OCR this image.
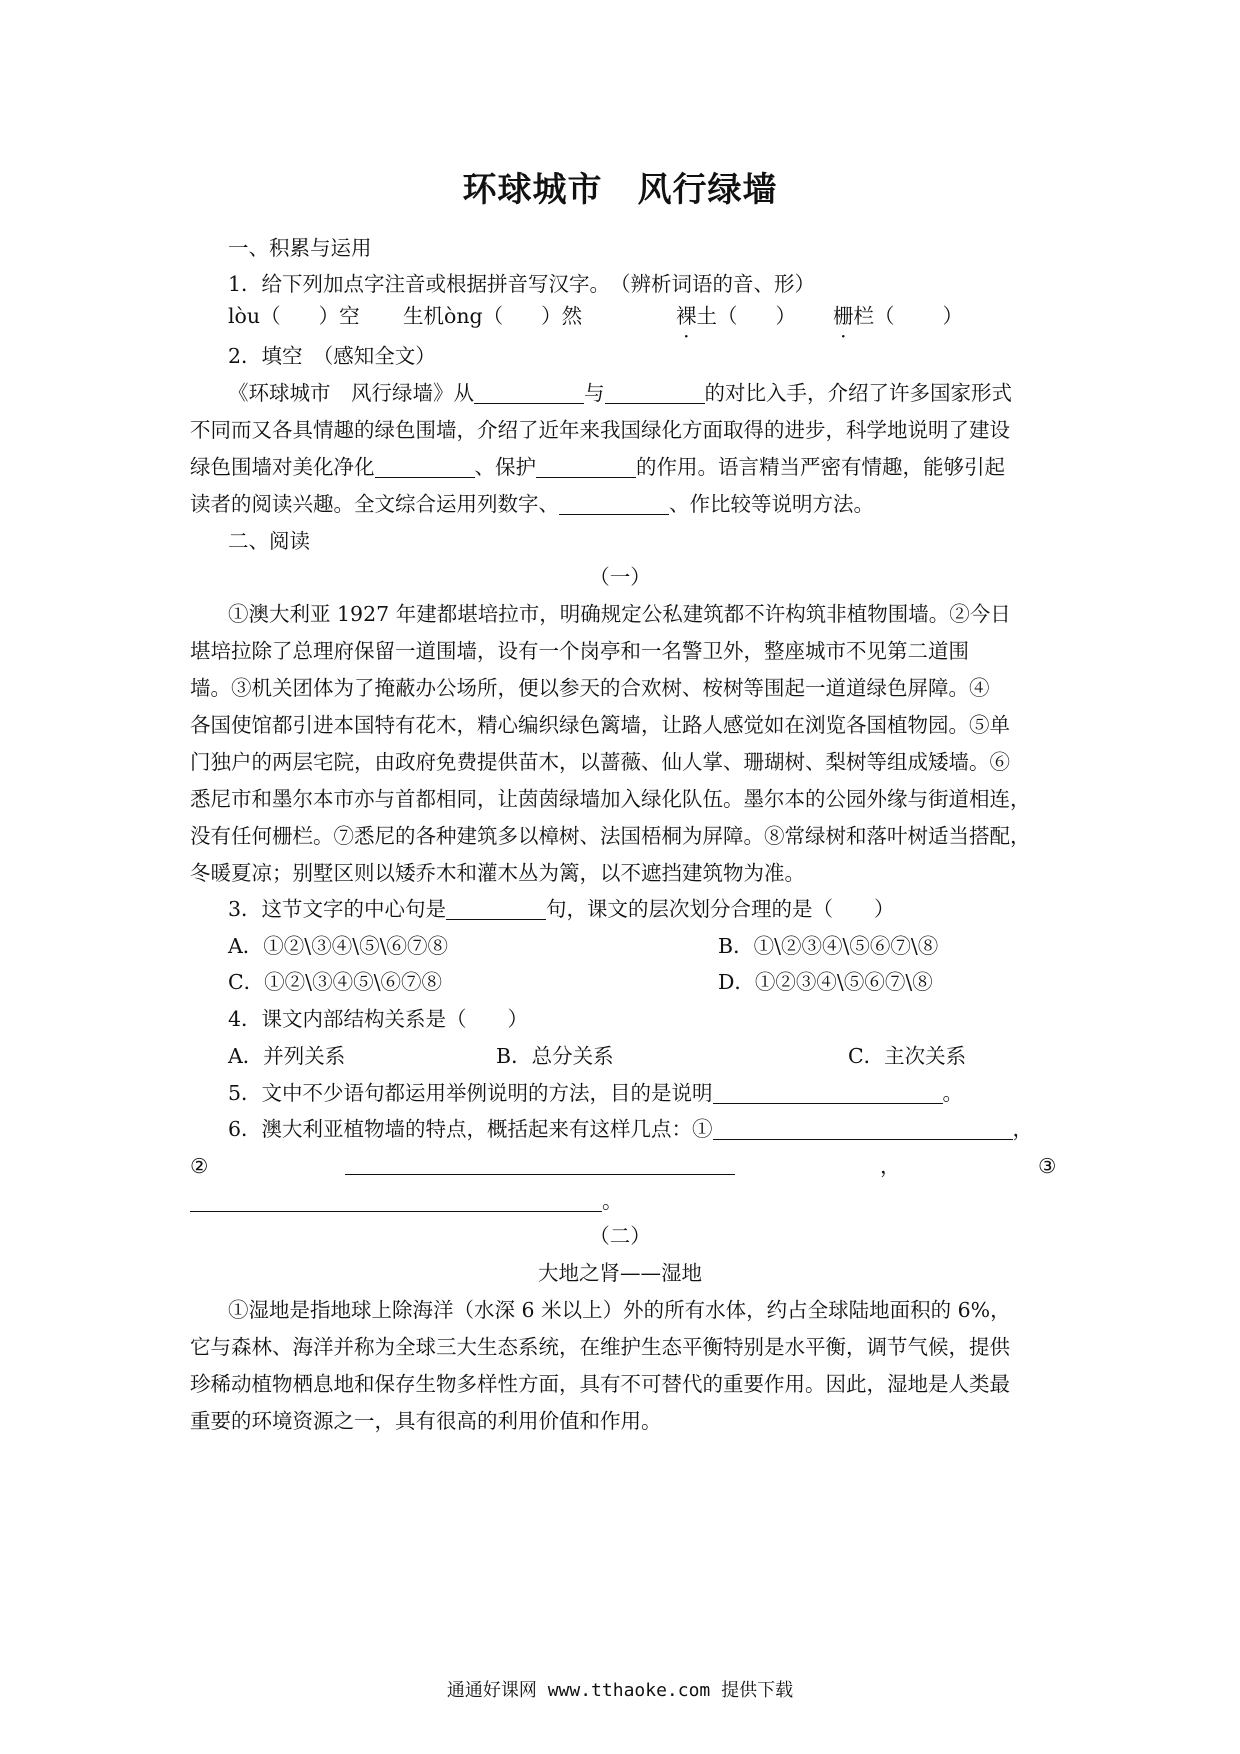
环球城市　风行绿墙
一、积累与运用
1．给下列加点字注音或根据拼音写汉字。　（辨析词语的音、形）
lòu（ ）空 生机òng（ ）然	裸土（ ） 栅栏（ ）
2．填空　（感知全文）
《环球城市　风行绿墙》从	与	的对比入手，介绍了许多国家形式
不同而又各具情趣的绿色围墙，介绍了近年来我国绿化方面取得的进步，科学地说明了建设
绿色围墙对美化净化	、保护	的作用。语言精当严密有情趣，能够引起
读者的阅读兴趣。全文综合运用列数字、	、作比较等说明方法。
二、阅读
（一）
①澳大利亚 1927 年建都堪培拉市，明确规定公私建筑都不许构筑非植物围墙。②今日
堪培拉除了总理府保留一道围墙，设有一个岗亭和一名警卫外，整座城市不见第二道围
墙。③机关团体为了掩蔽办公场所，便以参天的合欢树、桉树等围起一道道绿色屏障。④
各国使馆都引进本国特有花木，精心编织绿色篱墙，让路人感觉如在浏览各国植物园。⑤单
门独户的两层宅院，由政府免费提供苗木，以蔷薇、仙人掌、珊瑚树、梨树等组成矮墙。⑥
悉尼市和墨尔本市亦与首都相同，让茵茵绿墙加入绿化队伍。墨尔本的公园外缘与街道相连，
没有任何栅栏。⑦悉尼的各种建筑多以樟树、法国梧桐为屏障。⑧常绿树和落叶树适当搭配，
冬暖夏凉；别墅区则以矮乔木和灌木丛为篱，以不遮挡建筑物为准。
3．这节文字的中心句是	句，课文的层次划分合理的是（　　）
A．①②\③④\⑤\⑥⑦⑧	B．①\②③④\⑤⑥⑦\⑧
C．①②\③④⑤\⑥⑦⑧	D．①②③④\⑤⑥⑦\⑧
4．课文内部结构关系是（　　）
A．并列关系	B．总分关系	C．主次关系
5．文中不少语句都运用举例说明的方法，目的是说明	。
6．澳大利亚植物墙的特点，概括起来有这样几点：①	，
②	，	③
。
（二）
大地之肾——湿地
①湿地是指地球上除海洋（水深 6 米以上）外的所有水体，约占全球陆地面积的 6%，
它与森林、海洋并称为全球三大生态系统，在维护生态平衡特别是水平衡，调节气候，提供
珍稀动植物栖息地和保存生物多样性方面，具有不可替代的重要作用。因此，湿地是人类最
重要的环境资源之一，具有很高的利用价值和作用。
通通好课网 www.tthaoke.com 提供下载
